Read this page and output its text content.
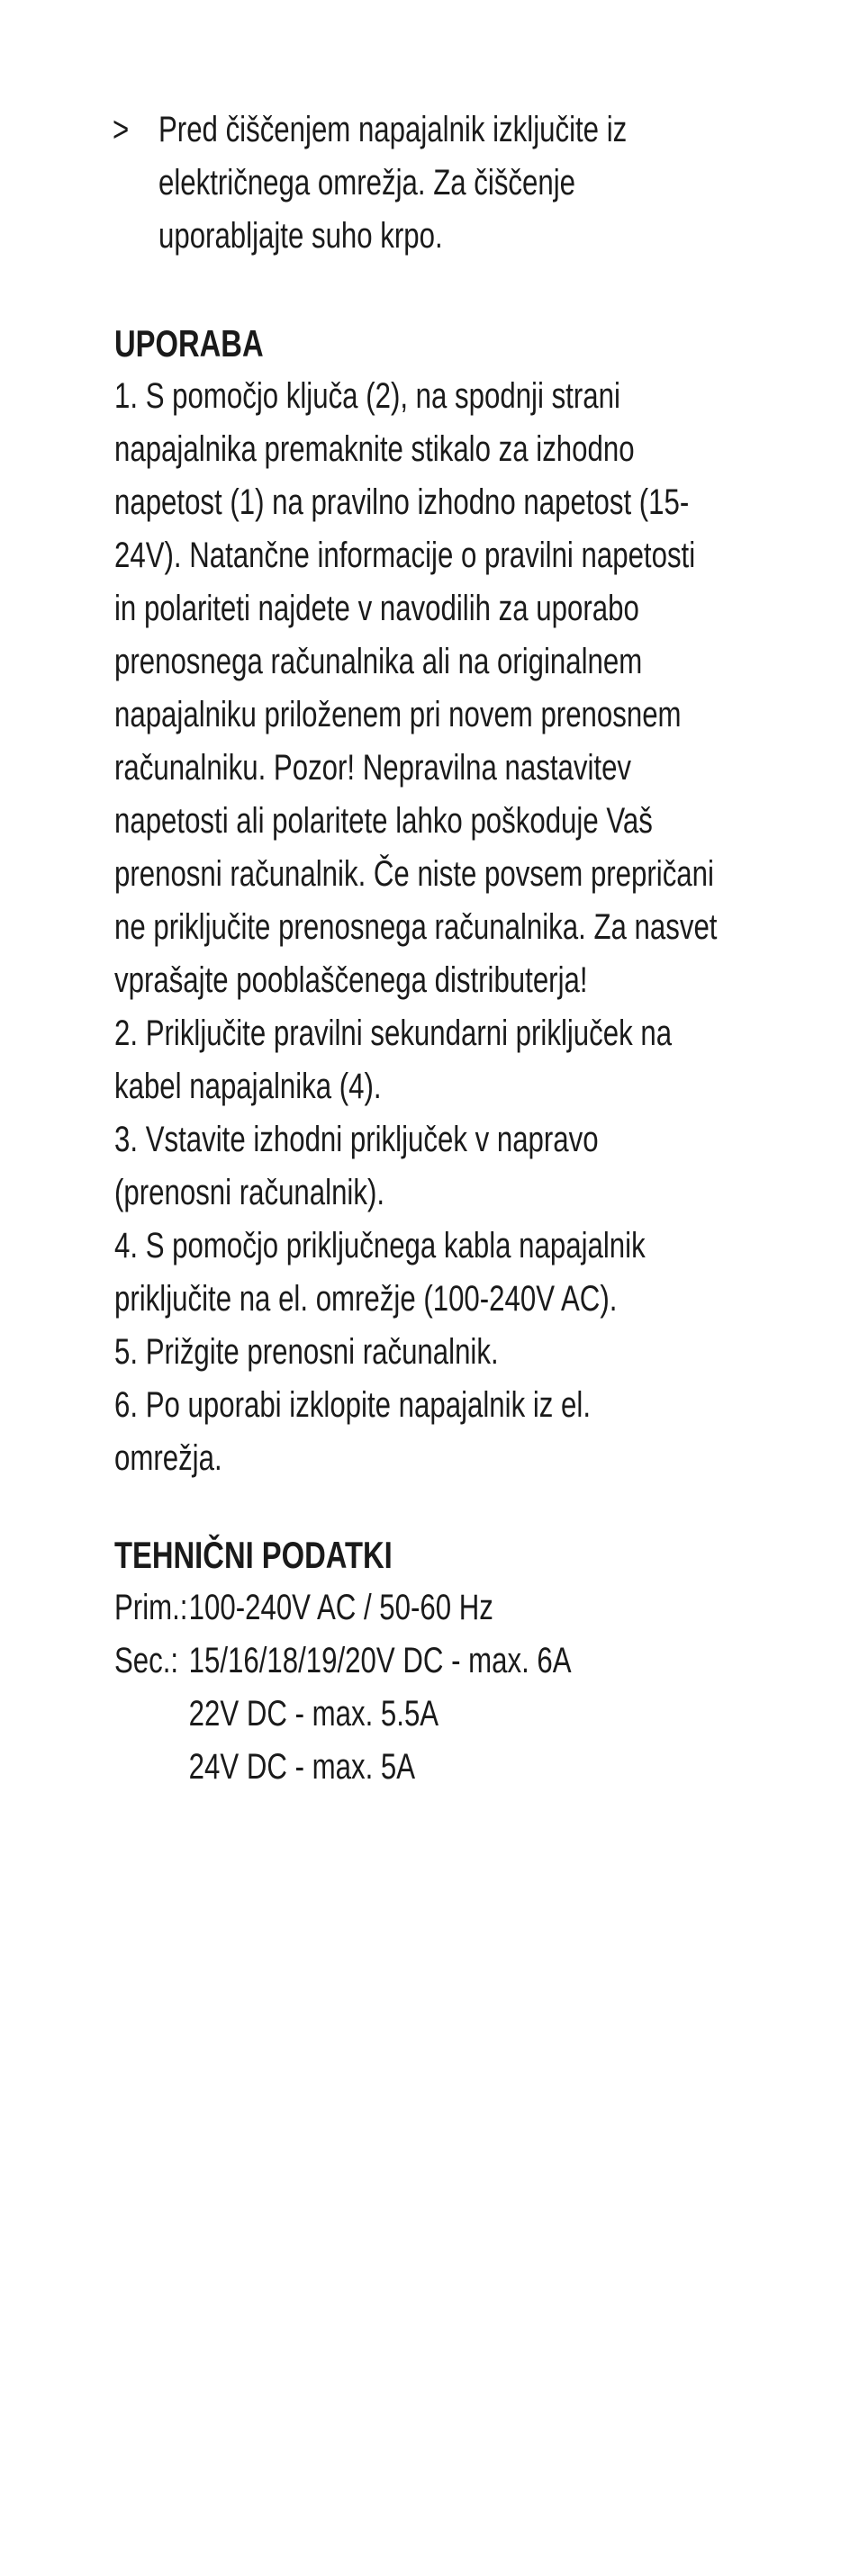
> Pred čiščenjem napajalnik izključite iz
električnega omrežja. Za čiščenje
uporabljajte suho krpo.
UPORABA
1. S pomočjo ključa (2), na spodnji strani
napajalnika premaknite stikalo za izhodno
napetost (1) na pravilno izhodno napetost (15-
24V). Natančne informacije o pravilni napetosti
in polariteti najdete v navodilih za uporabo
prenosnega računalnika ali na originalnem
napajalniku priloženem pri novem prenosnem
računalniku. Pozor! Nepravilna nastavitev
napetosti ali polaritete lahko poškoduje Vaš
prenosni računalnik. Če niste povsem prepričani
ne priključite prenosnega računalnika. Za nasvet
vprašajte pooblaščenega distributerja!
2. Priključite pravilni sekundarni priključek na
kabel napajalnika (4).
3. Vstavite izhodni priključek v napravo
(prenosni računalnik).
4. S pomočjo priključnega kabla napajalnik
priključite na el. omrežje (100-240V AC).
5. Prižgite prenosni računalnik.
6. Po uporabi izklopite napajalnik iz el.
omrežja.
TEHNIČNI PODATKI
Prim.: 100-240V AC / 50-60 Hz
Sec.: 15/16/18/19/20V DC - max. 6A
22V DC - max. 5.5A
24V DC - max. 5A
